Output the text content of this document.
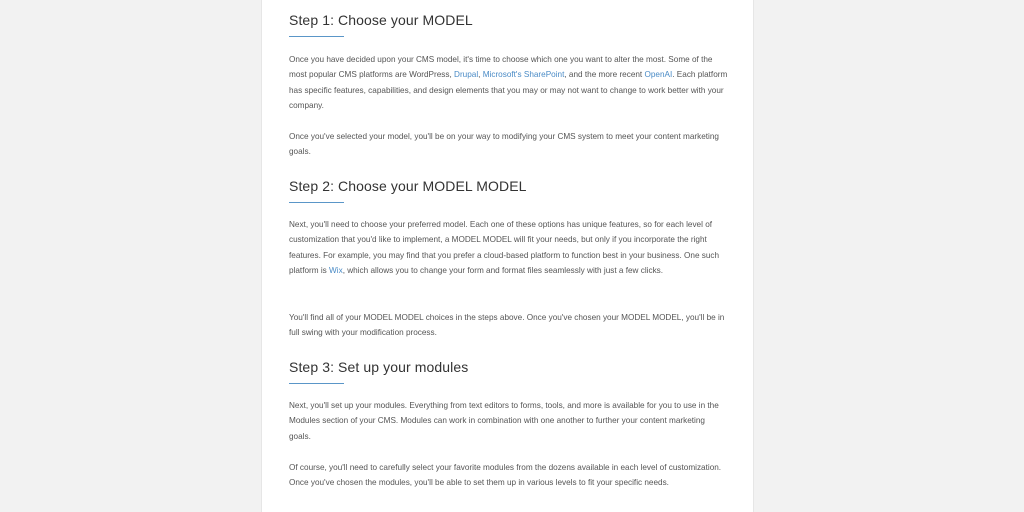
Step 1: Choose your MODEL

Once you have decided upon your CMS model, it's time to choose which one you want to alter the most. Some of the most popular CMS platforms are WordPress, Drupal, Microsoft's SharePoint, and the more recent OpenAI. Each platform has specific features, capabilities, and design elements that you may or may not want to change to work better with your company.

Once you've selected your model, you'll be on your way to modifying your CMS system to meet your content marketing goals.

Step 2: Choose your MODEL MODEL

Next, you'll need to choose your preferred model. Each one of these options has unique features, so for each level of customization that you'd like to implement, a MODEL MODEL will fit your needs, but only if you incorporate the right features. For example, you may find that you prefer a cloud-based platform to function best in your business. One such platform is Wix, which allows you to change your form and format files seamlessly with just a few clicks.

You'll find all of your MODEL MODEL choices in the steps above. Once you've chosen your MODEL MODEL, you'll be in full swing with your modification process.

Step 3: Set up your modules

Next, you'll set up your modules. Everything from text editors to forms, tools, and more is available for you to use in the Modules section of your CMS. Modules can work in combination with one another to further your content marketing goals.

Of course, you'll need to carefully select your favorite modules from the dozens available in each level of customization. Once you've chosen the modules, you'll be able to set them up in various levels to fit your specific needs.
